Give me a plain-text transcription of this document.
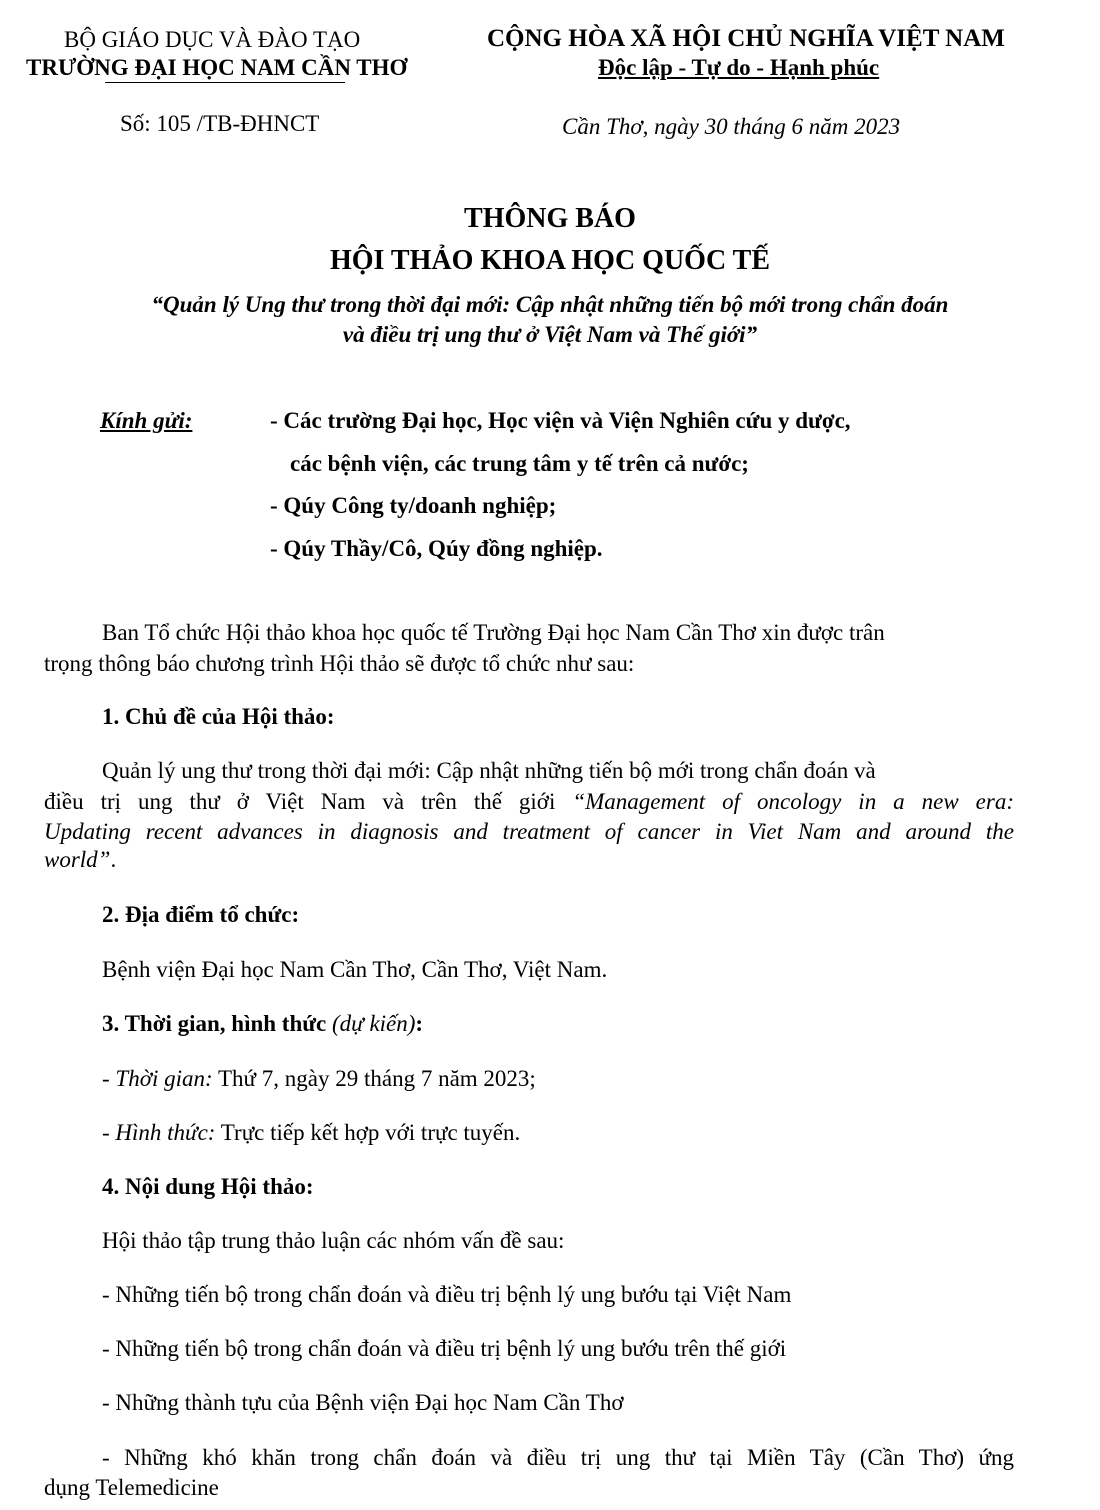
BỘ GIÁO DỤC VÀ ĐÀO TẠO
TRƯỜNG ĐẠI HỌC NAM CẦN THƠ
CỘNG HÒA XÃ HỘI CHỦ NGHĨA VIỆT NAM
Độc lập - Tự do - Hạnh phúc
Số: 105 /TB-ĐHNCT	Cần Thơ, ngày 30 tháng 6 năm 2023
THÔNG BÁO
HỘI THẢO KHOA HỌC QUỐC TẾ
“Quản lý Ung thư trong thời đại mới: Cập nhật những tiến bộ mới trong chẩn đoán
và điều trị ung thư ở Việt Nam và Thế giới”
Kính gửi:	- Các trường Đại học, Học viện và Viện Nghiên cứu y dược,
các bệnh viện, các trung tâm y tế trên cả nước;
- Qúy Công ty/doanh nghiệp;
- Qúy Thầy/Cô, Qúy đồng nghiệp.
Ban Tổ chức Hội thảo khoa học quốc tế Trường Đại học Nam Cần Thơ xin được trân
trọng thông báo chương trình Hội thảo sẽ được tổ chức như sau:
1. Chủ đề của Hội thảo:
Quản lý ung thư trong thời đại mới: Cập nhật những tiến bộ mới trong chẩn đoán và
điều trị ung thư ở Việt Nam và trên thế giới “Management of oncology in a new era:
Updating recent advances in diagnosis and treatment of cancer in Viet Nam and around the
world”.
2. Địa điểm tổ chức:
Bệnh viện Đại học Nam Cần Thơ, Cần Thơ, Việt Nam.
3. Thời gian, hình thức (dự kiến):
- Thời gian: Thứ 7, ngày 29 tháng 7 năm 2023;
- Hình thức: Trực tiếp kết hợp với trực tuyến.
4. Nội dung Hội thảo:
Hội thảo tập trung thảo luận các nhóm vấn đề sau:
- Những tiến bộ trong chẩn đoán và điều trị bệnh lý ung bướu tại Việt Nam
- Những tiến bộ trong chẩn đoán và điều trị bệnh lý ung bướu trên thế giới
- Những thành tựu của Bệnh viện Đại học Nam Cần Thơ
- Những khó khăn trong chẩn đoán và điều trị ung thư tại Miền Tây (Cần Thơ) ứng
dụng Telemedicine
